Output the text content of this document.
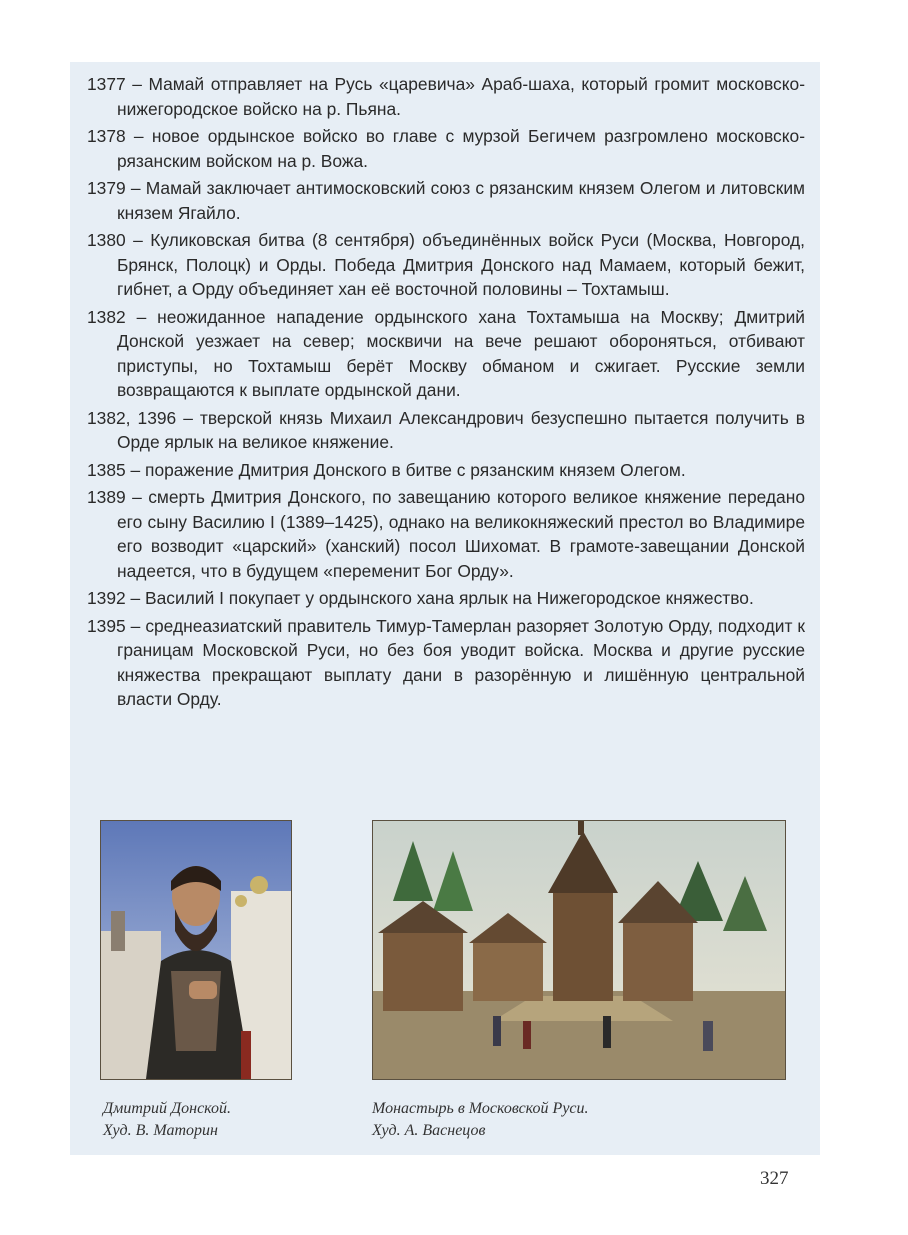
1377 – Мамай отправляет на Русь «царевича» Араб-шаха, который громит московско-нижегородское войско на р. Пьяна.

1378 – новое ордынское войско во главе с мурзой Бегичем разгромлено московско-рязанским войском на р. Вожа.

1379 – Мамай заключает антимосковский союз с рязанским князем Олегом и литовским князем Ягайло.

1380 – Куликовская битва (8 сентября) объединённых войск Руси (Москва, Новгород, Брянск, Полоцк) и Орды. Победа Дмитрия Донского над Мамаем, который бежит, гибнет, а Орду объединяет хан её восточной половины – Тохтамыш.

1382 – неожиданное нападение ордынского хана Тохтамыша на Москву; Дмитрий Донской уезжает на север; москвичи на вече решают обороняться, отбивают приступы, но Тохтамыш берёт Москву обманом и сжигает. Русские земли возвращаются к выплате ордынской дани.

1382, 1396 – тверской князь Михаил Александрович безуспешно пытается получить в Орде ярлык на великое княжение.

1385 – поражение Дмитрия Донского в битве с рязанским князем Олегом.

1389 – смерть Дмитрия Донского, по завещанию которого великое княжение передано его сыну Василию I (1389–1425), однако на великокняжеский престол во Владимире его возводит «царский» (ханский) посол Шихомат. В грамоте-завещании Донской надеется, что в будущем «переменит Бог Орду».

1392 – Василий I покупает у ордынского хана ярлык на Нижегородское княжество.

1395 – среднеазиатский правитель Тимур-Тамерлан разоряет Золотую Орду, подходит к границам Московской Руси, но без боя уводит войска. Москва и другие русские княжества прекращают выплату дани в разорённую и лишённую центральной власти Орду.

Дмитрий Донской.
Худ. В. Маторин
Монастырь в Московской Руси.
Худ. А. Васнецов
327
